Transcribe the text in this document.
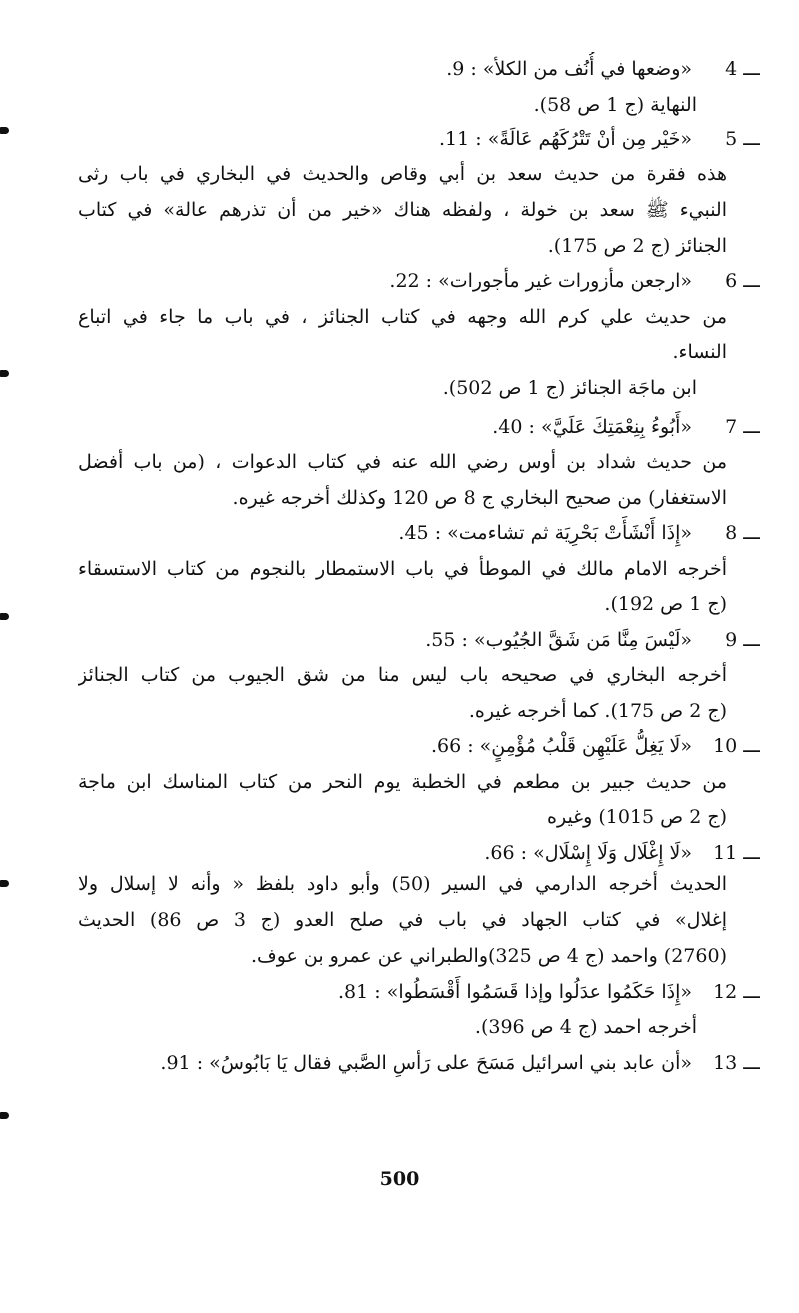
4 ـــ
«وضعها في أُنُف من الكلأ» : 9.
النهاية (ج 1 ص 58).
5 ـــ
«خَيْر مِن أنْ تَتْرُكَهُم عَالَةً» : 11.
هذه فقرة من حديث سعد بن أبي وقاص والحديث في البخاري في باب رثى
النبيء ﷺ سعد بن خولة ، ولفظه هناك «خير من أن تذرهم عالة» في كتاب
الجنائز (ج 2 ص 175).
6 ـــ
«ارجعن مأزورات غير مأجورات» : 22.
من حديث علي كرم الله وجهه في كتاب الجنائز ، في باب ما جاء في اتباع
النساء.
ابن ماجَة الجنائز (ج 1 ص 502).
7 ـــ
«أَبُوءُ بِنِعْمَتِكَ عَلَيَّ» : 40.
من حديث شداد بن أوس رضي الله عنه في كتاب الدعوات ، (من باب أفضل
الاستغفار) من صحيح البخاري ج 8 ص 120 وكذلك أخرجه غيره.
8 ـــ
«إِذَا أَنْشَأَتْ بَحْرِيَة ثم تشاءمت» : 45.
أخرجه الامام مالك في الموطأ في باب الاستمطار بالنجوم من كتاب الاستسقاء
(ج 1 ص 192).
9 ـــ
«لَيْسَ مِنَّا مَن شَقَّ الجُيُوب» : 55.
أخرجه البخاري في صحيحه باب ليس منا من شق الجيوب من كتاب الجنائز
(ج 2 ص 175). كما أخرجه غيره.
10 ـــ
«لَا يَغِلُّ عَلَيْهِن قَلْبُ مُؤْمِنٍ» : 66.
من حديث جبير بن مطعم في الخطبة يوم النحر من كتاب المناسك ابن ماجة
(ج 2 ص 1015) وغيره
11 ـــ
«لَا إِغْلَال وَلَا إِسْلَال» : 66.
الحديث أخرجه الدارمي في السير (50) وأبو داود بلفظ « وأنه لا إسلال ولا
إغلال» في كتاب الجهاد في باب في صلح العدو (ج 3 ص 86) الحديث
(2760) واحمد (ج 4 ص 325)والطبراني عن عمرو بن عوف.
12 ـــ
«إِذَا حَكَمُوا عدَلُوا وإذا قَسَمُوا أَقْسَطُوا» : 81.
أخرجه احمد (ج 4 ص 396).
13 ـــ
«أن عابد بني اسرائيل مَسَحَ على رَأسِ الصَّبي فقال يَا بَابُوسُ» : 91.
500
